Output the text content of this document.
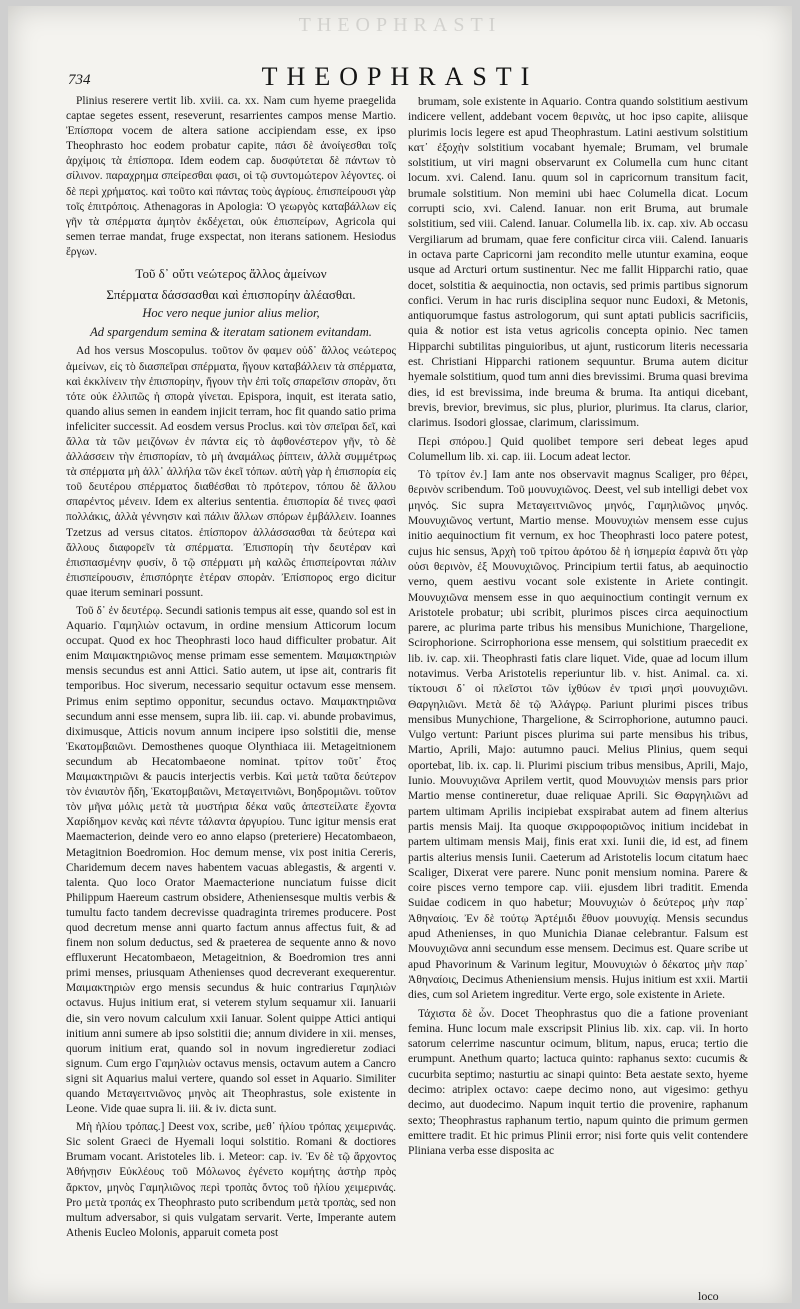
THEOPHRASTI
734	THEOPHRASTI

Plinius reserere vertit lib. xviii. ca. xx. Nam cum hyeme praegelida captae segetes essent, reseverunt, resarrientes campos mense Martio. Ἐπίσπορα vocem de altera satione accipiendam esse, ex ipso Theophrasto hoc eodem probatur capite, πάσι δὲ ἀνοίγεσθαι τοῖς ἀρχίμοις τὰ ἐπίσπορα. Idem eodem cap. δυσφύτεται δὲ πάντων τὸ σίλινον. παραχρημα σπείρεσθαι φασι, οἱ τῷ συντομώτερον λέγοντες. οἱ δὲ περὶ χρήματος. καὶ τοῦτο καὶ πάντας τοὺς ἀγρίους. ἐπισπείρουσι γὰρ τοῖς ἐπιτρόποις. Athenagoras in Apologia: Ὁ γεωργὸς καταβάλλων εἰς γῆν τὰ σπέρματα ἀμητὸν ἐκδέχεται, οὐκ ἐπισπείρων, Agricola qui semen terrae mandat, fruge exspectat, non iterans sationem. Hesiodus ἔργων.

Τοῦ δ᾽ οὔτι νεώτερος ἄλλος ἀμείνων

Σπέρματα δάσσασθαι καὶ ἐπισπορίην ἀλέασθαι.

Hoc vero neque junior alius melior,

Ad spargendum semina & iteratam sationem evitandam.

Ad hos versus Moscopulus. τοῦτον ὅν φαμεν οὐδ᾽ ἄλλος νεώτερος ἀμείνων, εἰς τὸ διασπεῖραι σπέρματα, ἤγουν καταβάλλειν τὰ σπέρματα, καὶ ἐκκλίνειν τὴν ἐπισπορίην, ἤγουν τὴν ἐπὶ τοῖς σπαρεῖσιν σπορὰν, ὅτι τότε οὐκ ἐλλιπῶς ἡ σπορὰ γίνεται. Epispora, inquit, est iterata satio, quando alius semen in eandem injicit terram, hoc fit quando satio prima infeliciter successit. Ad eosdem versus Proclus. καὶ τὸν σπεῖραι δεῖ, καὶ ἄλλα τὰ τῶν μειζόνων ἐν πάντα εἰς τὸ ἀφθονέστερον γῆν, τὸ δὲ ἀλλάσσειν τὴν ἐπισπορίαν, τὸ μὴ ἀναμάλως ῥίπτειν, ἀλλὰ συμμέτρως τὰ σπέρματα μὴ ἀλλ᾽ ἀλλήλα τῶν ἐκεῖ τόπων. αὐτὴ γὰρ ἡ ἐπισπορία εἰς τοῦ δευτέρου σπέρματος διαθέσθαι τὸ πρότερον, τόπου δὲ ἄλλου σπαρέντος μένειν. Idem ex alterius sententia. ἐπισπορία δέ τινες φασὶ πολλάκις, ἀλλὰ γέννησιν καὶ πάλιν ἄλλων σπόρων ἐμβάλλειν. Ioannes Tzetzus ad versus citatos. ἐπίσπορον ἀλλάσσασθαι τὰ δεύτερα καὶ ἄλλους διαφορεῖν τὰ σπέρματα. Ἐπισπορίη τὴν δευτέραν καὶ ἐπισπασμένην φυσίν, ὃ τῷ σπέρματι μὴ καλῶς ἐπισπείρονται πάλιν ἐπισπείρουσιν, ἐπισπόρητε ἑτέραν σπορὰν. Ἐπίσπορος ergo dicitur quae iterum seminari possunt.

Τοῦ δ᾽ ἐν δευτέρῳ. Secundi sationis tempus ait esse, quando sol est in Aquario. Γαμηλιὼν octavum, in ordine mensium Atticorum locum occupat. Quod ex hoc Theophrasti loco haud difficulter probatur. Ait enim Μαιμακτηριῶνος mense primam esse sementem. Μαιμακτηριὼν mensis secundus est anni Attici. Satio autem, ut ipse ait, contraris fit temporibus. Hoc siverum, necessario sequitur octavum esse mensem. Primus enim septimo opponitur, secundus octavo. Μαιμακτηριῶνα secundum anni esse mensem, supra lib. iii. cap. vi. abunde probavimus, diximusque, Atticis novum annum incipere ipso solstitii die, mense Ἑκατομβαιῶνι. Demosthenes quoque Olynthiaca iii. Metageitnionem secundum ab Hecatombaeone nominat. τρίτον τοῦτ᾽ ἔτος Μαιμακτηριῶνι & paucis interjectis verbis. Καὶ μετὰ ταῦτα δεύτερον τὸν ἐνιαυτὸν ἤδη, Ἑκατομβαιῶνι, Μεταγειτνιῶνι, Βοηδρομιῶνι. τοῦτον τὸν μῆνα μόλις μετὰ τὰ μυστήρια δέκα ναῦς ἀπεστείλατε ἔχοντα Χαρίδημον κενὰς καὶ πέντε τάλαντα ἀργυρίου. Tunc igitur mensis erat Maemacterion, deinde vero eo anno elapso (preteriere) Hecatombaeon, Metagitnion Boedromion. Hoc demum mense, vix post initia Cereris, Charidemum decem naves habentem vacuas ablegastis, & argenti v. talenta. Quo loco Orator Maemacterione nunciatum fuisse dicit Philippum Haereum castrum obsidere, Atheniensesque multis verbis & tumultu facto tandem decrevisse quadraginta triremes producere. Post quod decretum mense anni quarto factum annus affectus fuit, & ad finem non solum deductus, sed & praeterea de sequente anno & novo effluxerunt Hecatombaeon, Metageitnion, & Boedromion tres anni primi menses, priusquam Athenienses quod decreverant exequerentur. Μαιμακτηριὼν ergo mensis secundus & huic contrarius Γαμηλιὼν octavus. Hujus initium erat, si veterem stylum sequamur xii. Ianuarii die, sin vero novum calculum xxii Ianuar. Solent quippe Attici antiqui initium anni sumere ab ipso solstitii die; annum dividere in xii. menses, quorum initium erat, quando sol in novum ingredieretur zodiaci signum. Cum ergo Γαμηλιὼν octavus mensis, octavum autem a Cancro signi sit Aquarius malui vertere, quando sol esset in Aquario. Similiter quando Μεταγειτνιῶνος μηνὸς ait Theophrastus, sole existente in Leone. Vide quae supra li. iii. & iv. dicta sunt.

Μὴ ἡλίου τρόπας.] Deest vox, scribe, μεθ᾽ ἡλίου τρόπας χειμερινάς. Sic solent Graeci de Hyemali loqui solstitio. Romani & doctiores Brumam vocant. Aristoteles lib. i. Meteor: cap. iv. Ἐν δὲ τῷ ἄρχοντος Ἀθήνῃσιν Εὐκλέους τοῦ Μόλωνος ἐγένετο κομήτης ἀστὴρ πρὸς ἄρκτον, μηνὸς Γαμηλιῶνος περὶ τροπὰς ὄντος τοῦ ἡλίου χειμερινάς. Pro μετὰ τροπάς ex Theophrasto puto scribendum μετὰ τροπὰς, sed non multum adversabor, si quis vulgatam servarit. Verte, Imperante autem Athenis Eucleo Molonis, apparuit cometa post

brumam, sole existente in Aquario. Contra quando solstitium aestivum indicere vellent, addebant vocem θερινὰς, ut hoc ipso capite, aliisque plurimis locis legere est apud Theophrastum. Latini aestivum solstitium κατ᾽ ἐξοχὴν solstitium vocabant hyemale; Brumam, vel brumale solstitium, ut viri magni observarunt ex Columella cum hunc citant locum. xvi. Calend. Ianu. quum sol in capricornum transitum facit, brumale solstitium. Non memini ubi haec Columella dicat. Locum corrupti scio, xvi. Calend. Ianuar. non erit Bruma, aut brumale solstitium, sed viii. Calend. Ianuar. Columella lib. ix. cap. xiv. Ab occasu Vergiliarum ad brumam, quae fere conficitur circa viii. Calend. Ianuaris in octava parte Capricorni jam recondito melle utuntur examina, eoque usque ad Arcturi ortum sustinentur. Nec me fallit Hipparchi ratio, quae docet, solstitia & aequinoctia, non octavis, sed primis partibus signorum confici. Verum in hac ruris disciplina sequor nunc Eudoxi, & Metonis, antiquorumque fastus astrologorum, qui sunt aptati publicis sacrificiis, quia & notior est ista vetus agricolis concepta opinio. Nec tamen Hipparchi subtilitas pinguioribus, ut ajunt, rusticorum literis necessaria est. Christiani Hipparchi rationem sequuntur. Bruma autem dicitur hyemale solstitium, quod tum anni dies brevissimi. Bruma quasi brevima dies, id est brevissima, inde breuma & bruma. Ita antiqui dicebant, brevis, brevior, brevimus, sic plus, plurior, plurimus. Ita clarus, clarior, clarimus. Isodori glossae, clarimum, clarissimum.

Περὶ σπόρου.] Quid quolibet tempore seri debeat leges apud Columellum lib. xi. cap. iii. Locum adeat lector.

Τὸ τρίτον ἐν.] Iam ante nos observavit magnus Scaliger, pro θέρει, θερινὸν scribendum. Τοῦ μουνυχιῶνος. Deest, vel sub intelligi debet vox μηνός. Sic supra Μεταγειτνιῶνος μηνός, Γαμηλιῶνος μηνός. Μουνυχιῶνος vertunt, Martio mense. Μουνυχιὼν mensem esse cujus initio aequinoctium fit vernum, ex hoc Theophrasti loco patere potest, cujus hic sensus, Ἀρχὴ τοῦ τρίτου ἀρότου δὲ ἡ ἰσημερία ἐαρινὰ ὅτι γὰρ οὐσι θερινὸν, ἐξ Μουνυχιῶνος. Principium tertii fatus, ab aequinoctio verno, quem aestivu vocant sole existente in Ariete contingit. Μουνυχιῶνα mensem esse in quo aequinoctium contingit vernum ex Aristotele probatur; ubi scribit, plurimos pisces circa aequinoctium parere, ac plurima parte tribus his mensibus Munichione, Thargelione, Scirophorione. Scirrophoriona esse mensem, qui solstitium praecedit ex lib. iv. cap. xii. Theophrasti fatis clare liquet. Vide, quae ad locum illum notavimus. Verba Aristotelis reperiuntur lib. v. hist. Animal. ca. xi. τίκτουσι δ᾽ οἱ πλεῖστοι τῶν ἰχθύων ἐν τρισὶ μησὶ μουνυχιῶνι. Θαργηλιῶνι. Μετὰ δὲ τῷ Ἀλάγρῳ. Pariunt plurimi pisces tribus mensibus Munychione, Thargelione, & Scirrophorione, autumno pauci. Vulgo vertunt: Pariunt pisces plurima sui parte mensibus his tribus, Martio, Aprili, Majo: autumno pauci. Melius Plinius, quem sequi oportebat, lib. ix. cap. li. Plurimi piscium tribus mensibus, Aprili, Majo, Iunio. Μουνυχιῶνα Aprilem vertit, quod Μουνυχιὼν mensis pars prior Martio mense contineretur, duae reliquae Aprili. Sic Θαργηλιῶνι ad partem ultimam Aprilis incipiebat exspirabat autem ad finem alterius partis mensis Maij. Ita quoque σκιρροφοριῶνος initium incidebat in partem ultimam mensis Maij, finis erat xxi. Iunii die, id est, ad finem partis alterius mensis Iunii. Caeterum ad Aristotelis locum citatum haec Scaliger, Dixerat vere parere. Nunc ponit mensium nomina. Parere & coire pisces verno tempore cap. viii. ejusdem libri traditit. Emenda Suidae codicem in quo habetur; Μουνυχιὼν ὁ δεύτερος μὴν παρ᾽ Ἀθηναίοις. Ἐν δὲ τούτῳ Ἀρτέμιδι ἔθυον μουνυχίᾳ. Mensis secundus apud Athenienses, in quo Munichia Dianae celebrantur. Falsum est Μουνυχιῶνα anni secundum esse mensem. Decimus est. Quare scribe ut apud Phavorinum & Varinum legitur, Μουνυχιὼν ὁ δέκατος μὴν παρ᾽ Ἀθηναίοις, Decimus Atheniensium mensis. Hujus initium est xxii. Martii dies, cum sol Arietem ingreditur. Verte ergo, sole existente in Ariete.

Τάχιστα δὲ ὧν. Docet Theophrastus quo die a fatione proveniant femina. Hunc locum male exscripsit Plinius lib. xix. cap. vii. In horto satorum celerrime nascuntur ocimum, blitum, napus, eruca; tertio die erumpunt. Anethum quarto; lactuca quinto: raphanus sexto: cucumis & cucurbita septimo; nasturtiu ac sinapi quinto: Beta aestate sexto, hyeme decimo: atriplex octavo: caepe decimo nono, aut vigesimo: gethyu decimo, aut duodecimo. Napum inquit tertio die provenire, raphanum sexto; Theophrastus raphanum tertio, napum quinto die primum germen emittere tradit. Et hic primus Plinii error; nisi forte quis velit contendere Pliniana verba esse disposita ac

loco
